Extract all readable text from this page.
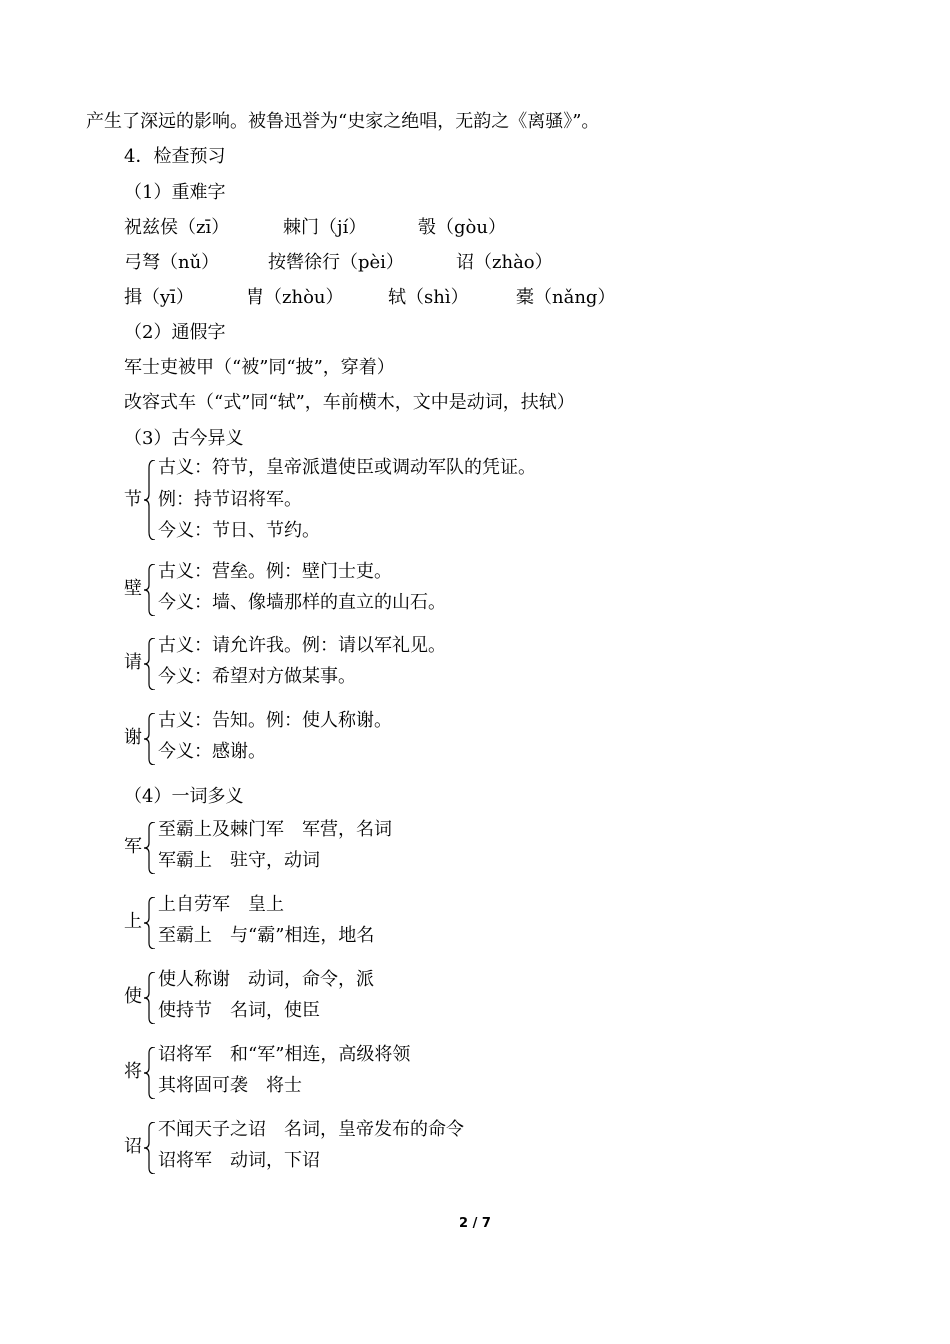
产生了深远的影响。被鲁迅誉为“史家之绝唱，无韵之《离骚》”。
4．检查预习
（1）重难字
祝兹侯（zī）	棘门（jí）	彀（gòu）
弓弩（nǔ）	按辔徐行（pèi）	诏（zhào）
揖（yī）	胄（zhòu） 轼（shì）	橐（nǎng）
（2）通假字
军士吏被甲（“被”同“披”，穿着）
改容式车（“式”同“轼”，车前横木，文中是动词，扶轼）
（3）古今异义
节
古义：符节，皇帝派遣使臣或调动军队的凭证。
例：持节诏将军。
今义：节日、节约。
壁
古义：营垒。例：壁门士吏。
今义：墙、像墙那样的直立的山石。
请
古义：请允许我。例：请以军礼见。
今义：希望对方做某事。
谢
古义：告知。例：使人称谢。
今义：感谢。
（4）一词多义
军
至霸上及棘门军　军营，名词
军霸上　驻守，动词
上
上自劳军　皇上
至霸上　与“霸”相连，地名
使
使人称谢　动词，命令，派
使持节　名词，使臣
将
诏将军　和“军”相连，高级将领
其将固可袭　将士
诏
不闻天子之诏　名词，皇帝发布的命令
诏将军　动词，下诏
2 / 7
